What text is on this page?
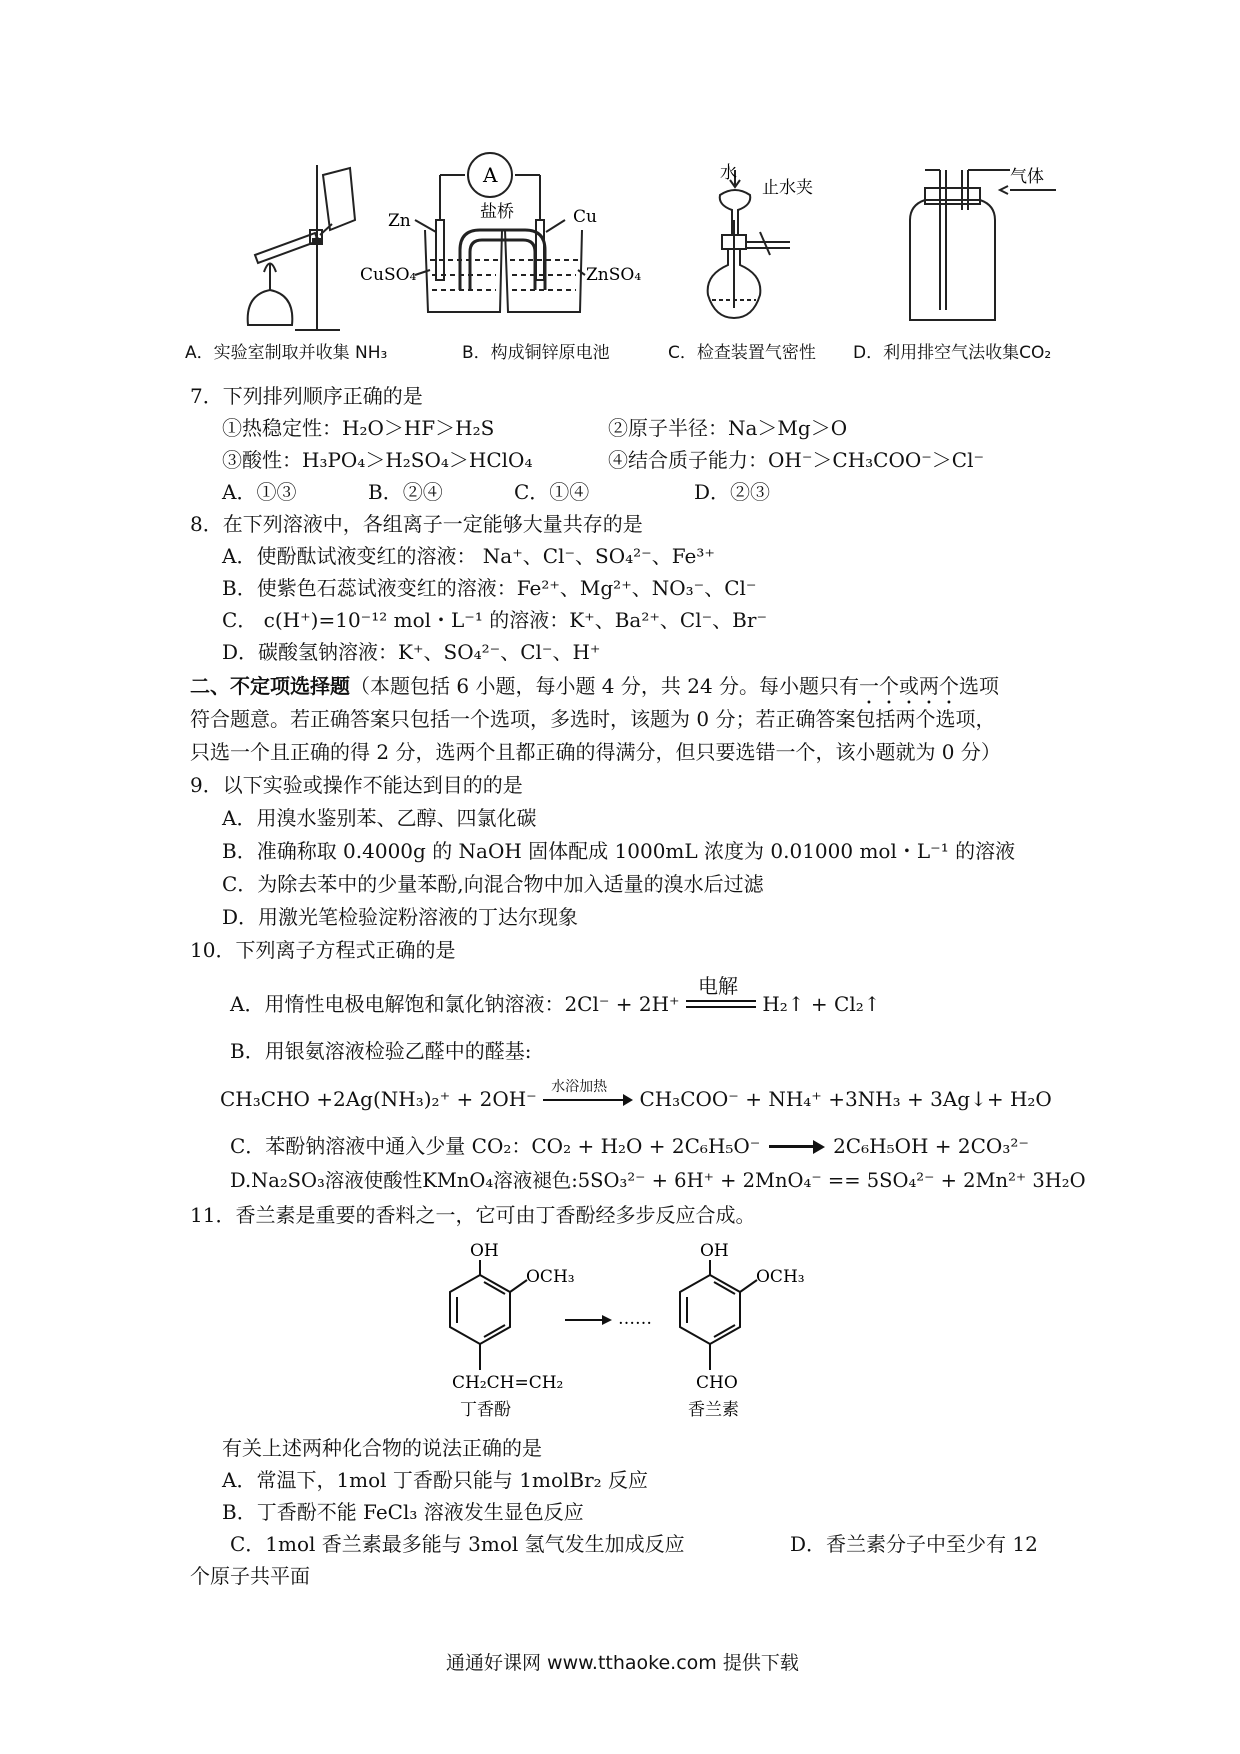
A
盐桥
Zn	Cu
CuSO₄	ZnSO₄
水
止水夹
气体
A．实验室制取并收集 NH₃	B．构成铜锌原电池	C．检查装置气密性 D．利用排空气法收集CO₂
7．下列排列顺序正确的是
①热稳定性：H₂O＞HF＞H₂S	②原子半径：Na＞Mg＞O
③酸性：H₃PO₄＞H₂SO₄＞HClO₄	④结合质子能力：OH⁻＞CH₃COO⁻＞Cl⁻
A．①③	B．②④	C．①④	D．②③
8．在下列溶液中，各组离子一定能够大量共存的是
A．使酚酞试液变红的溶液： Na⁺、Cl⁻、SO₄²⁻、Fe³⁺
B．使紫色石蕊试液变红的溶液：Fe²⁺、Mg²⁺、NO₃⁻、Cl⁻
C． c(H⁺)=10⁻¹² mol・L⁻¹ 的溶液：K⁺、Ba²⁺、Cl⁻、Br⁻
D．碳酸氢钠溶液：K⁺、SO₄²⁻、Cl⁻、H⁺
二、不定项选择题（本题包括 6 小题，每小题 4 分，共 24 分。每小题只有一个或两个选项
符合题意。若正确答案只包括一个选项，多选时，该题为 0 分；若正确答案包括两个选项，
只选一个且正确的得 2 分，选两个且都正确的得满分，但只要选错一个，该小题就为 0 分）
9．以下实验或操作不能达到目的的是
A．用溴水鉴别苯、乙醇、四氯化碳
B．准确称取 0.4000g 的 NaOH 固体配成 1000mL 浓度为 0.01000 mol・L⁻¹ 的溶液
C．为除去苯中的少量苯酚,向混合物中加入适量的溴水后过滤
D．用激光笔检验淀粉溶液的丁达尔现象
10．下列离子方程式正确的是
A．用惰性电极电解饱和氯化钠溶液：2Cl⁻ + 2H⁺
电解
H₂↑ + Cl₂↑
B．用银氨溶液检验乙醛中的醛基:
CH₃CHO +2Ag(NH₃)₂⁺ + 2OH⁻ 水浴加热 CH₃COO⁻ + NH₄⁺ +3NH₃ + 3Ag↓+ H₂O
C．苯酚钠溶液中通入少量 CO₂：CO₂ + H₂O + 2C₆H₅O⁻	2C₆H₅OH + 2CO₃²⁻
D.Na₂SO₃溶液使酸性KMnO₄溶液褪色:5SO₃²⁻ + 6H⁺ + 2MnO₄⁻ == 5SO₄²⁻ + 2Mn²⁺ 3H₂O
11．香兰素是重要的香料之一，它可由丁香酚经多步反应合成。
OH
OCH₃
CH₂CH=CH₂
丁香酚
……
OH
OCH₃
CHO
香兰素
有关上述两种化合物的说法正确的是
A．常温下，1mol 丁香酚只能与 1molBr₂ 反应
B．丁香酚不能 FeCl₃ 溶液发生显色反应
C．1mol 香兰素最多能与 3mol 氢气发生加成反应	D．香兰素分子中至少有 12
个原子共平面
通通好课网 www.tthaoke.com 提供下载
